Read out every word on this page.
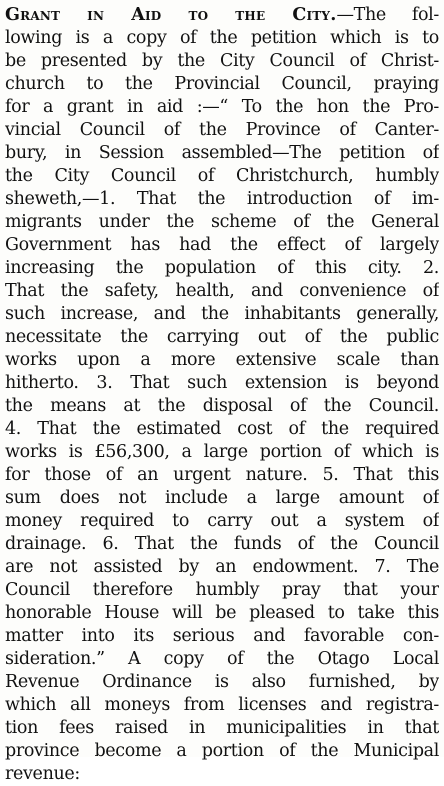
Grant in Aid to the City.—The fol-
lowing is a copy of the petition which is to
be presented by the City Council of Christ-
church to the Provincial Council, praying
for a grant in aid :—“ To the hon the Pro-
vincial Council of the Province of Canter-
bury, in Session assembled—The petition of
the City Council of Christchurch, humbly
sheweth,—1. That the introduction of im-
migrants under the scheme of the General
Government has had the effect of largely
increasing the population of this city. 2.
That the safety, health, and convenience of
such increase, and the inhabitants generally,
necessitate the carrying out of the public
works upon a more extensive scale than
hitherto. 3. That such extension is beyond
the means at the disposal of the Council.
4. That the estimated cost of the required
works is £56,300, a large portion of which is
for those of an urgent nature. 5. That this
sum does not include a large amount of
money required to carry out a system of
drainage. 6. That the funds of the Council
are not assisted by an endowment. 7. The
Council therefore humbly pray that your
honorable House will be pleased to take this
matter into its serious and favorable con-
sideration.” A copy of the Otago Local
Revenue Ordinance is also furnished, by
which all moneys from licenses and registra-
tion fees raised in municipalities in that
province become a portion of the Municipal
revenue:
